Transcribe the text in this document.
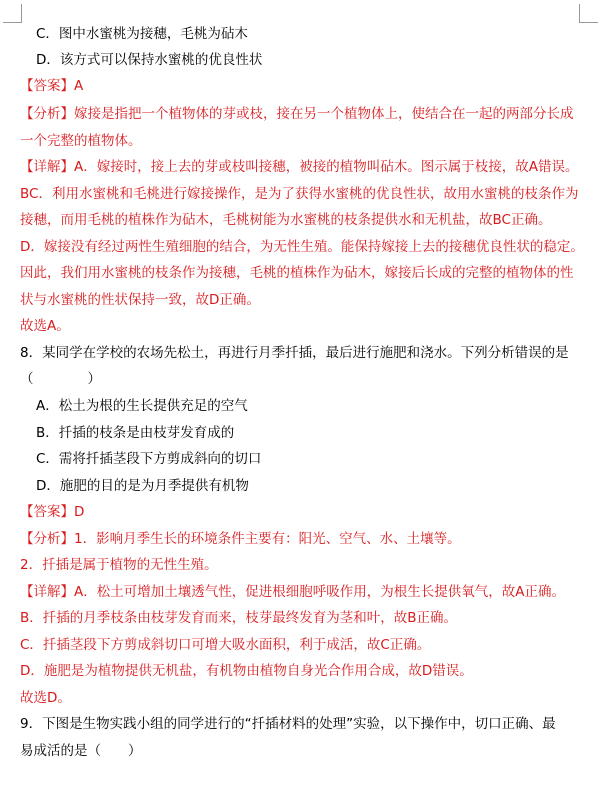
C．图中水蜜桃为接穗，毛桃为砧木
D．该方式可以保持水蜜桃的优良性状
【答案】A
【分析】嫁接是指把一个植物体的芽或枝，接在另一个植物体上，使结合在一起的两部分长成
一个完整的植物体。
【详解】A．嫁接时，接上去的芽或枝叫接穗，被接的植物叫砧木。图示属于枝接，故A错误。
BC．利用水蜜桃和毛桃进行嫁接操作，是为了获得水蜜桃的优良性状，故用水蜜桃的枝条作为
接穗，而用毛桃的植株作为砧木，毛桃树能为水蜜桃的枝条提供水和无机盐，故BC正确。
D．嫁接没有经过两性生殖细胞的结合，为无性生殖。能保持嫁接上去的接穗优良性状的稳定。
因此，我们用水蜜桃的枝条作为接穗，毛桃的植株作为砧木，嫁接后长成的完整的植物体的性
状与水蜜桃的性状保持一致，故D正确。
故选A。
8．某同学在学校的农场先松土，再进行月季扦插，最后进行施肥和浇水。下列分析错误的是
（　　　　）
A．松土为根的生长提供充足的空气
B．扦插的枝条是由枝芽发育成的
C．需将扦插茎段下方剪成斜向的切口
D．施肥的目的是为月季提供有机物
【答案】D
【分析】1．影响月季生长的环境条件主要有：阳光、空气、水、土壤等。
2．扦插是属于植物的无性生殖。
【详解】A．松土可增加土壤透气性，促进根细胞呼吸作用，为根生长提供氧气，故A正确。
B．扦插的月季枝条由枝芽发育而来，枝芽最终发育为茎和叶，故B正确。
C．扦插茎段下方剪成斜切口可增大吸水面积，利于成活，故C正确。
D．施肥是为植物提供无机盐，有机物由植物自身光合作用合成，故D错误。
故选D。
9．下图是生物实践小组的同学进行的“扦插材料的处理”实验，以下操作中，切口正确、最
易成活的是（　　）
